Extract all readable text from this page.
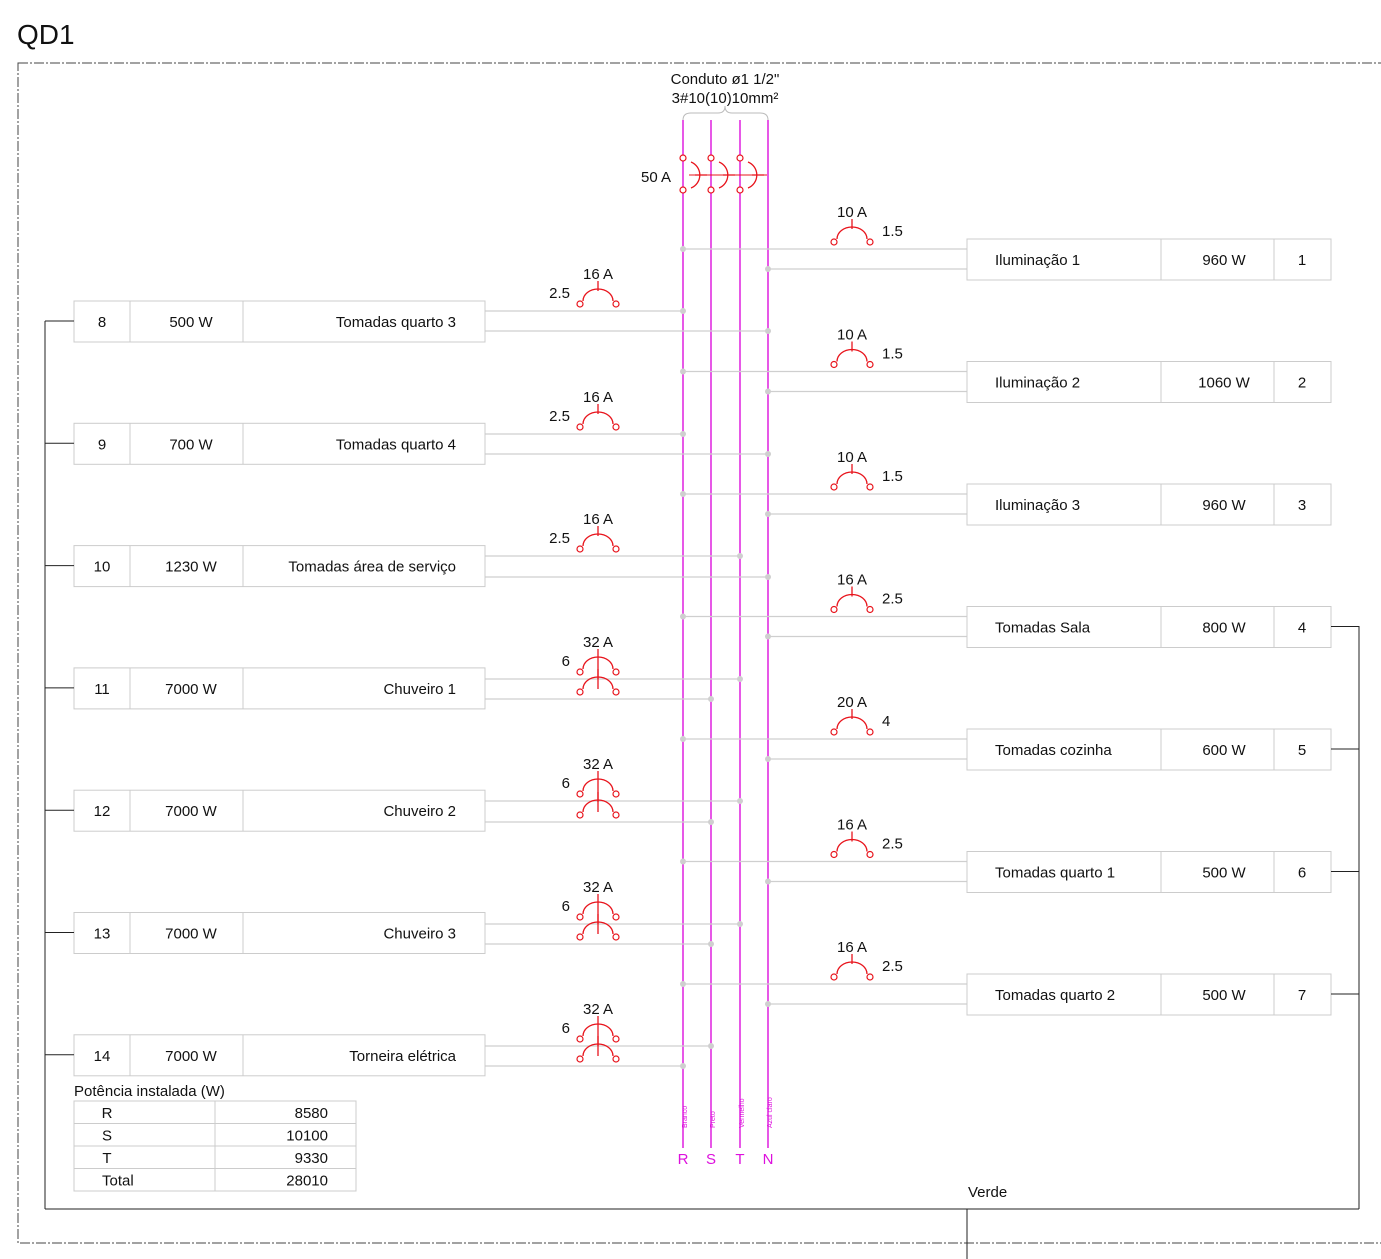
QD1
Branco
R
Preto
S
Vermelho
T
Azul claro
N
Conduto ø1 1/2"
3#10(10)10mm²
50 A
10 A
1.5
Iluminação 1	960 W	1
10 A
1.5
Iluminação 2	1060 W	2
10 A
1.5
Iluminação 3	960 W	3
16 A
2.5
Tomadas Sala	800 W	4
20 A
4
Tomadas cozinha	600 W	5
16 A
2.5
Tomadas quarto 1	500 W	6
16 A
2.5
Tomadas quarto 2	500 W	7
16 A
2.5
8	500 W	Tomadas quarto 3
16 A
2.5
9	700 W	Tomadas quarto 4
16 A
2.5
10	1230 W	Tomadas área de serviço
32 A
6
11	7000 W	Chuveiro 1
32 A
6
12	7000 W	Chuveiro 2
32 A
6
13	7000 W	Chuveiro 3
32 A
6
14	7000 W	Torneira elétrica
Potência instalada (W)
R	8580
S	10100
T	9330
Total	28010
Verde
